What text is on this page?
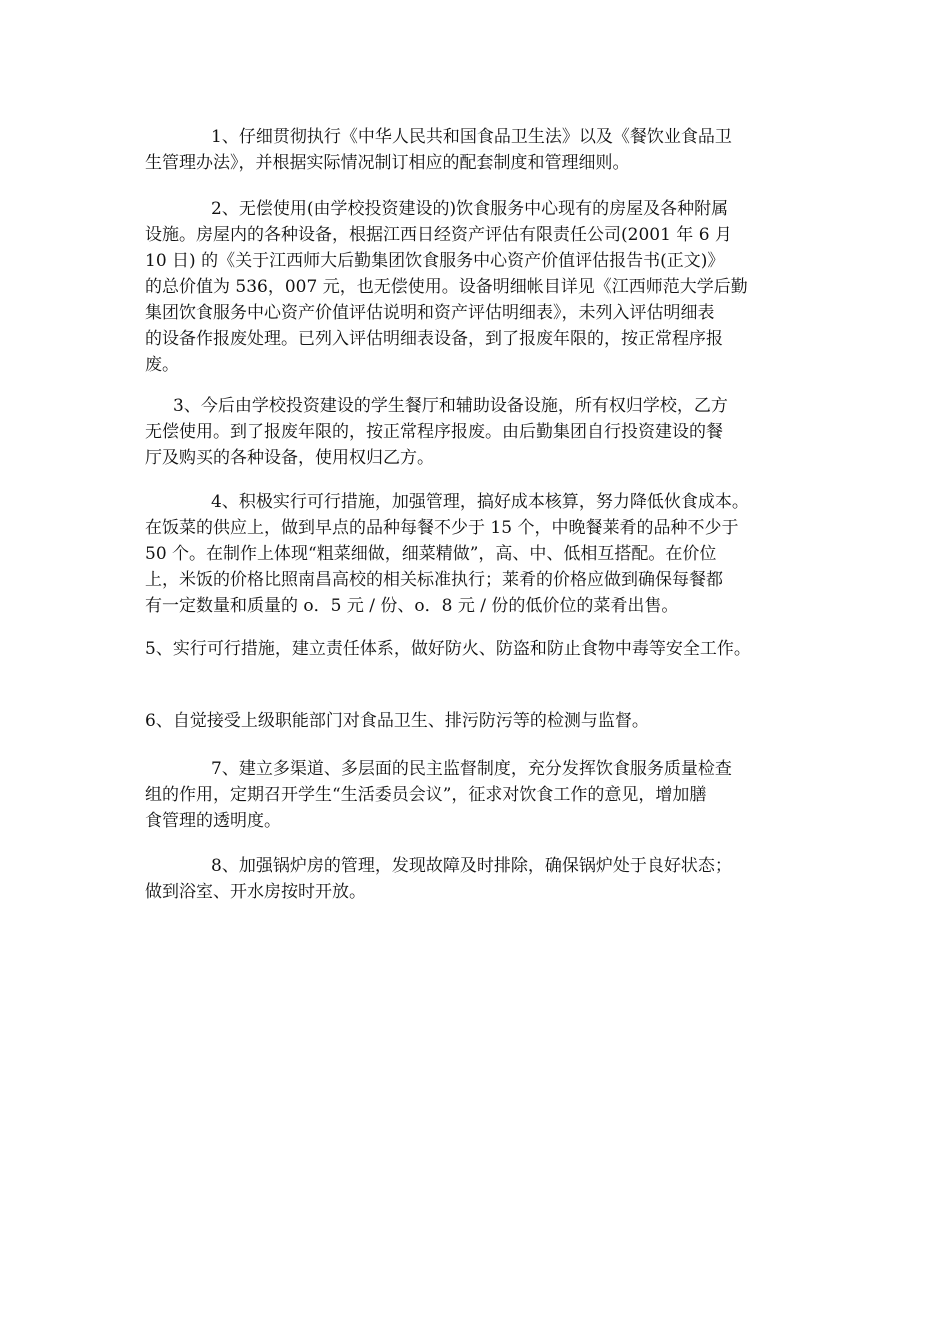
1、仔细贯彻执行《中华人民共和国食品卫生法》以及《餐饮业食品卫
生管理办法》，并根据实际情况制订相应的配套制度和管理细则。
2、无偿使用(由学校投资建设的)饮食服务中心现有的房屋及各种附属
设施。房屋内的各种设备，根据江西日经资产评估有限责任公司(2001 年 6 月
10 日) 的《关于江西师大后勤集团饮食服务中心资产价值评估报告书(正文)》
的总价值为 536，007 元，也无偿使用。设备明细帐目详见《江西师范大学后勤
集团饮食服务中心资产价值评估说明和资产评估明细表》，未列入评估明细表
的设备作报废处理。已列入评估明细表设备，到了报废年限的，按正常程序报
废。
3、今后由学校投资建设的学生餐厅和辅助设备设施，所有权归学校，乙方
无偿使用。到了报废年限的，按正常程序报废。由后勤集团自行投资建设的餐
厅及购买的各种设备，使用权归乙方。
4、积极实行可行措施，加强管理，搞好成本核算，努力降低伙食成本。
在饭菜的供应上，做到早点的品种每餐不少于 15 个，中晚餐莱肴的品种不少于
50 个。在制作上体现“粗菜细做，细菜精做”，高、中、低相互搭配。在价位
上，米饭的价格比照南昌高校的相关标准执行；莱肴的价格应做到确保每餐都
有一定数量和质量的 o．5 元 / 份、o．8 元 / 份的低价位的菜肴出售。
5、实行可行措施，建立责任体系，做好防火、防盗和防止食物中毒等安全工作。
6、自觉接受上级职能部门对食品卫生、排污防污等的检测与监督。
7、建立多渠道、多层面的民主监督制度，充分发挥饮食服务质量检查
组的作用，定期召开学生“生活委员会议”，征求对饮食工作的意见，增加膳
食管理的透明度。
8、加强锅炉房的管理，发现故障及时排除，确保锅炉处于良好状态；
做到浴室、开水房按时开放。
